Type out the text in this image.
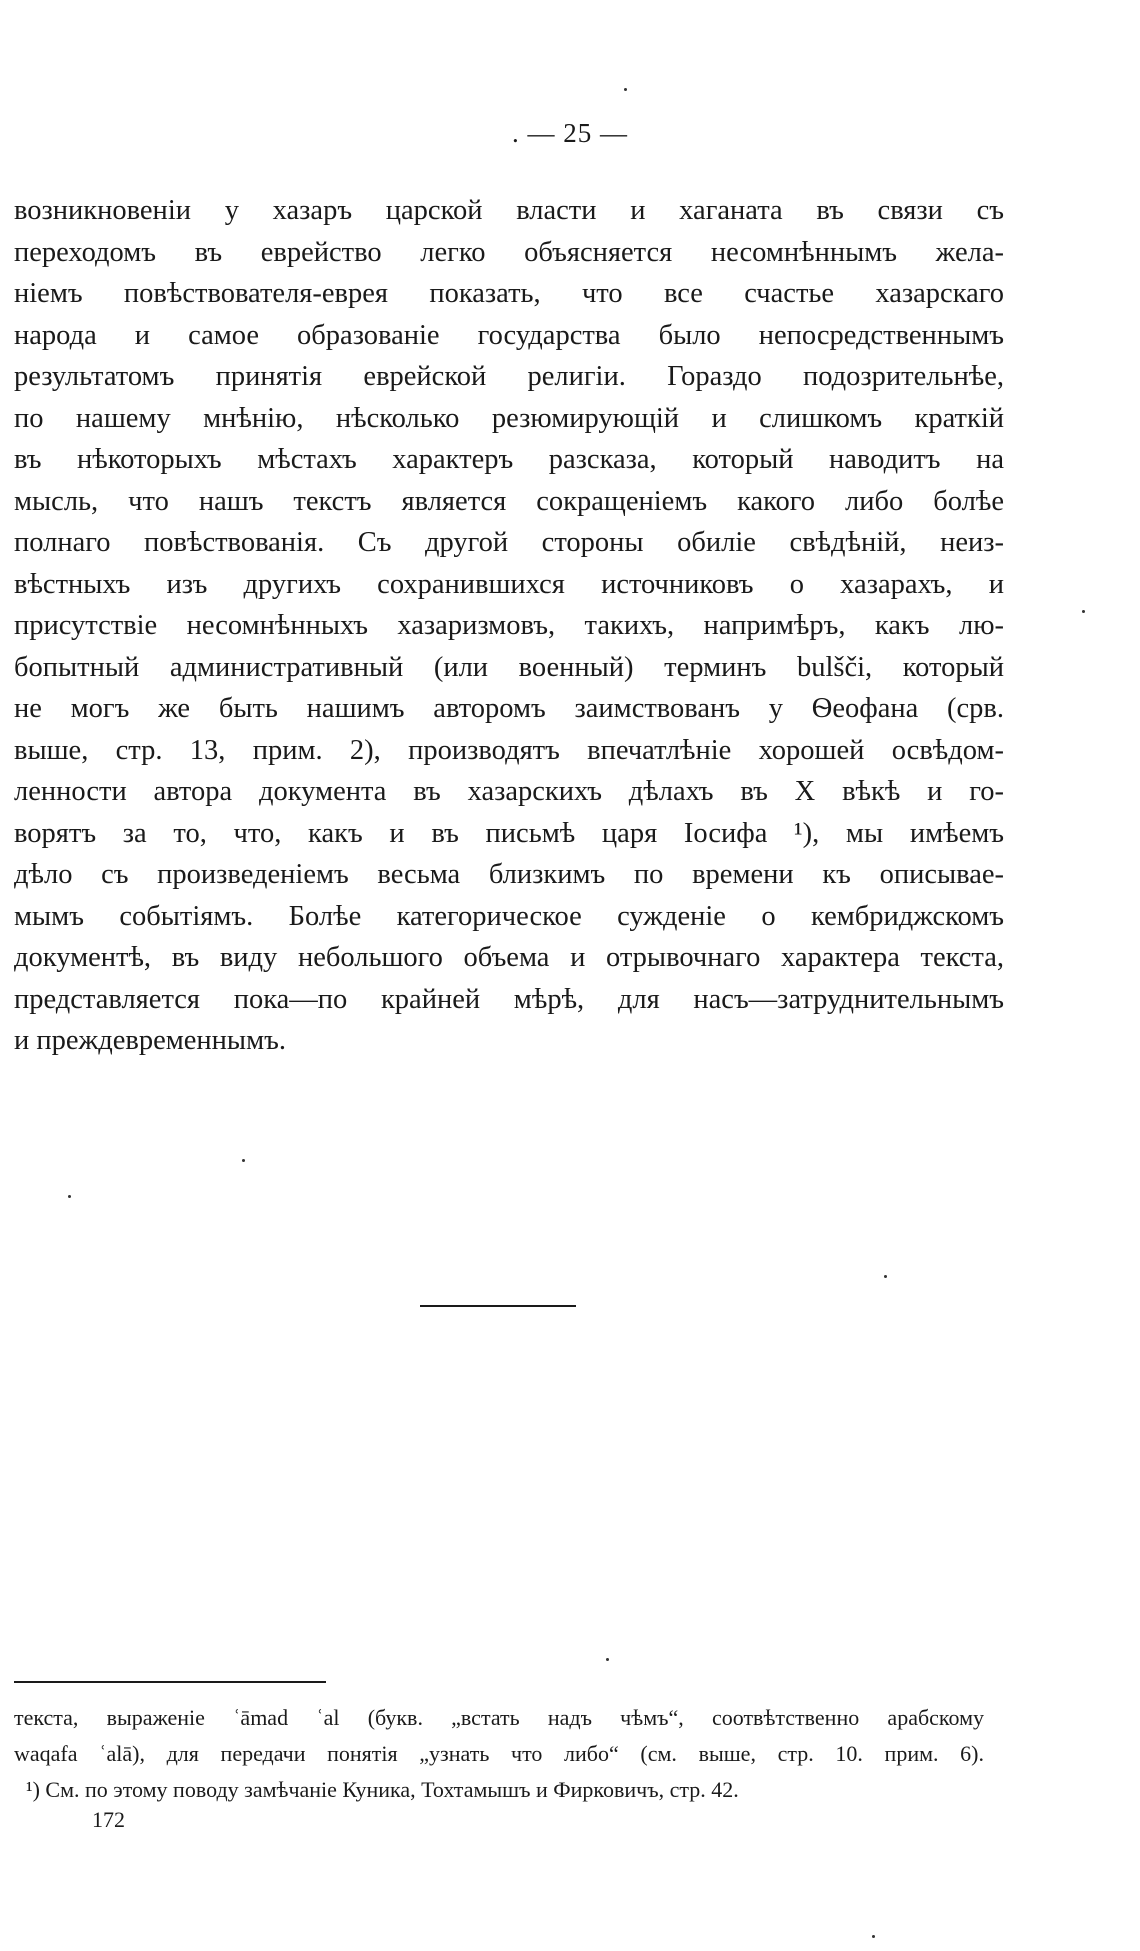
. — 25 —
возникновеніи у хазаръ царской власти и хаганата въ связи съ
переходомъ въ еврейство легко объясняется несомнѣннымъ жела-
ніемъ повѣствователя-еврея показать, что все счастье хазарскаго
народа и самое образованіе государства было непосредственнымъ
результатомъ принятія еврейской религіи. Гораздо подозрительнѣе,
по нашему мнѣнію, нѣсколько резюмирующій и слишкомъ краткій
въ нѣкоторыхъ мѣстахъ характеръ разсказа, который наводитъ на
мысль, что нашъ текстъ является сокращеніемъ какого либо болѣе
полнаго повѣствованія. Съ другой стороны обиліе свѣдѣній, неиз-
вѣстныхъ изъ другихъ сохранившихся источниковъ о хазарахъ, и
присутствіе несомнѣнныхъ хазаризмовъ, такихъ, напримѣръ, какъ лю-
бопытный административный (или военный) терминъ bulšči, который
не могъ же быть нашимъ авторомъ заимствованъ у Ѳеофана (срв.
выше, стр. 13, прим. 2), производятъ впечатлѣніе хорошей освѣдом-
ленности автора документа въ хазарскихъ дѣлахъ въ X вѣкѣ и го-
ворятъ за то, что, какъ и въ письмѣ царя Іосифа ¹), мы имѣемъ
дѣло съ произведеніемъ весьма близкимъ по времени къ описывае-
мымъ событіямъ. Болѣе категорическое сужденіе о кембриджскомъ
документѣ, въ виду небольшого объема и отрывочнаго характера текста,
представляется пока—по крайней мѣрѣ, для насъ—затруднительнымъ
и преждевременнымъ.
текста, выраженіе ʿāmad ʿal (букв. „встать надъ чѣмъ“, соотвѣтственно арабскому
waqafa ʿalā), для передачи понятія „узнать что либо“ (см. выше, стр. 10. прим. 6).
¹) См. по этому поводу замѣчаніе Куника, Тохтамышъ и Фирковичъ, стр. 42.
172
